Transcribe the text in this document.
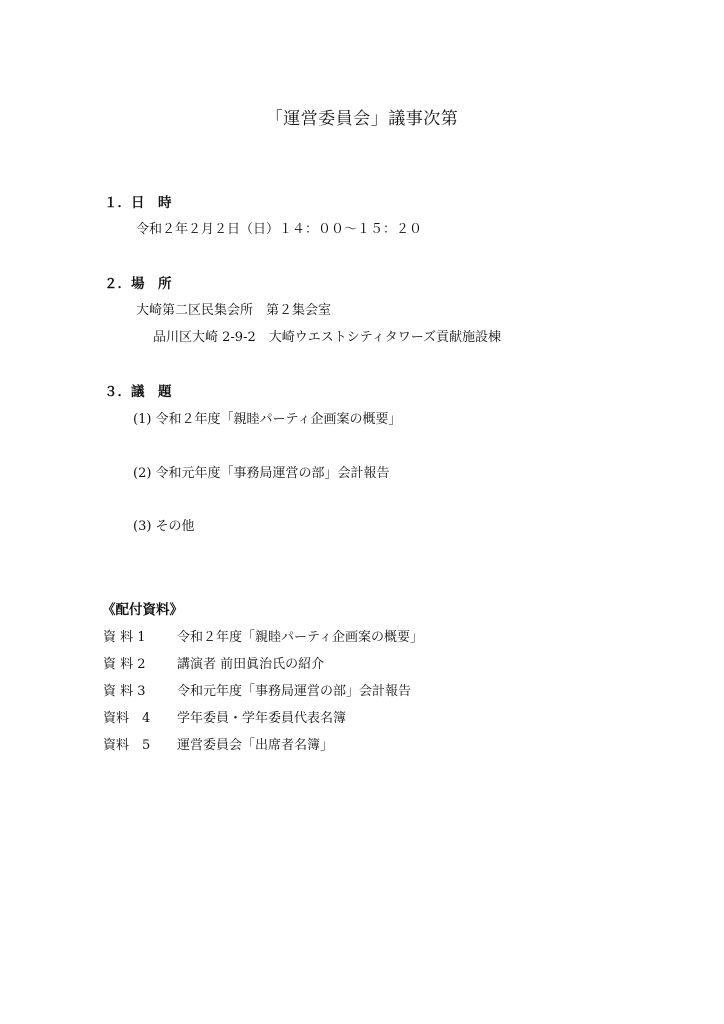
「運営委員会」議事次第
１．日　時
令和２年２月２日（日）１４：００〜１５：２０
２．場　所
大崎第二区民集会所　第２集会室
品川区大崎 2-9-2　大崎ウエストシティタワーズ貢献施設棟
３．議　題
(1) 令和２年度「親睦パーティ企画案の概要」
(2) 令和元年度「事務局運営の部」会計報告
(3) その他
《配付資料》
資 料 1	令和２年度「親睦パーティ企画案の概要」
資 料 2	講演者 前田眞治氏の紹介
資 料 3	令和元年度「事務局運営の部」会計報告
資料　4	学年委員・学年委員代表名簿
資料　5	運営委員会「出席者名簿」
